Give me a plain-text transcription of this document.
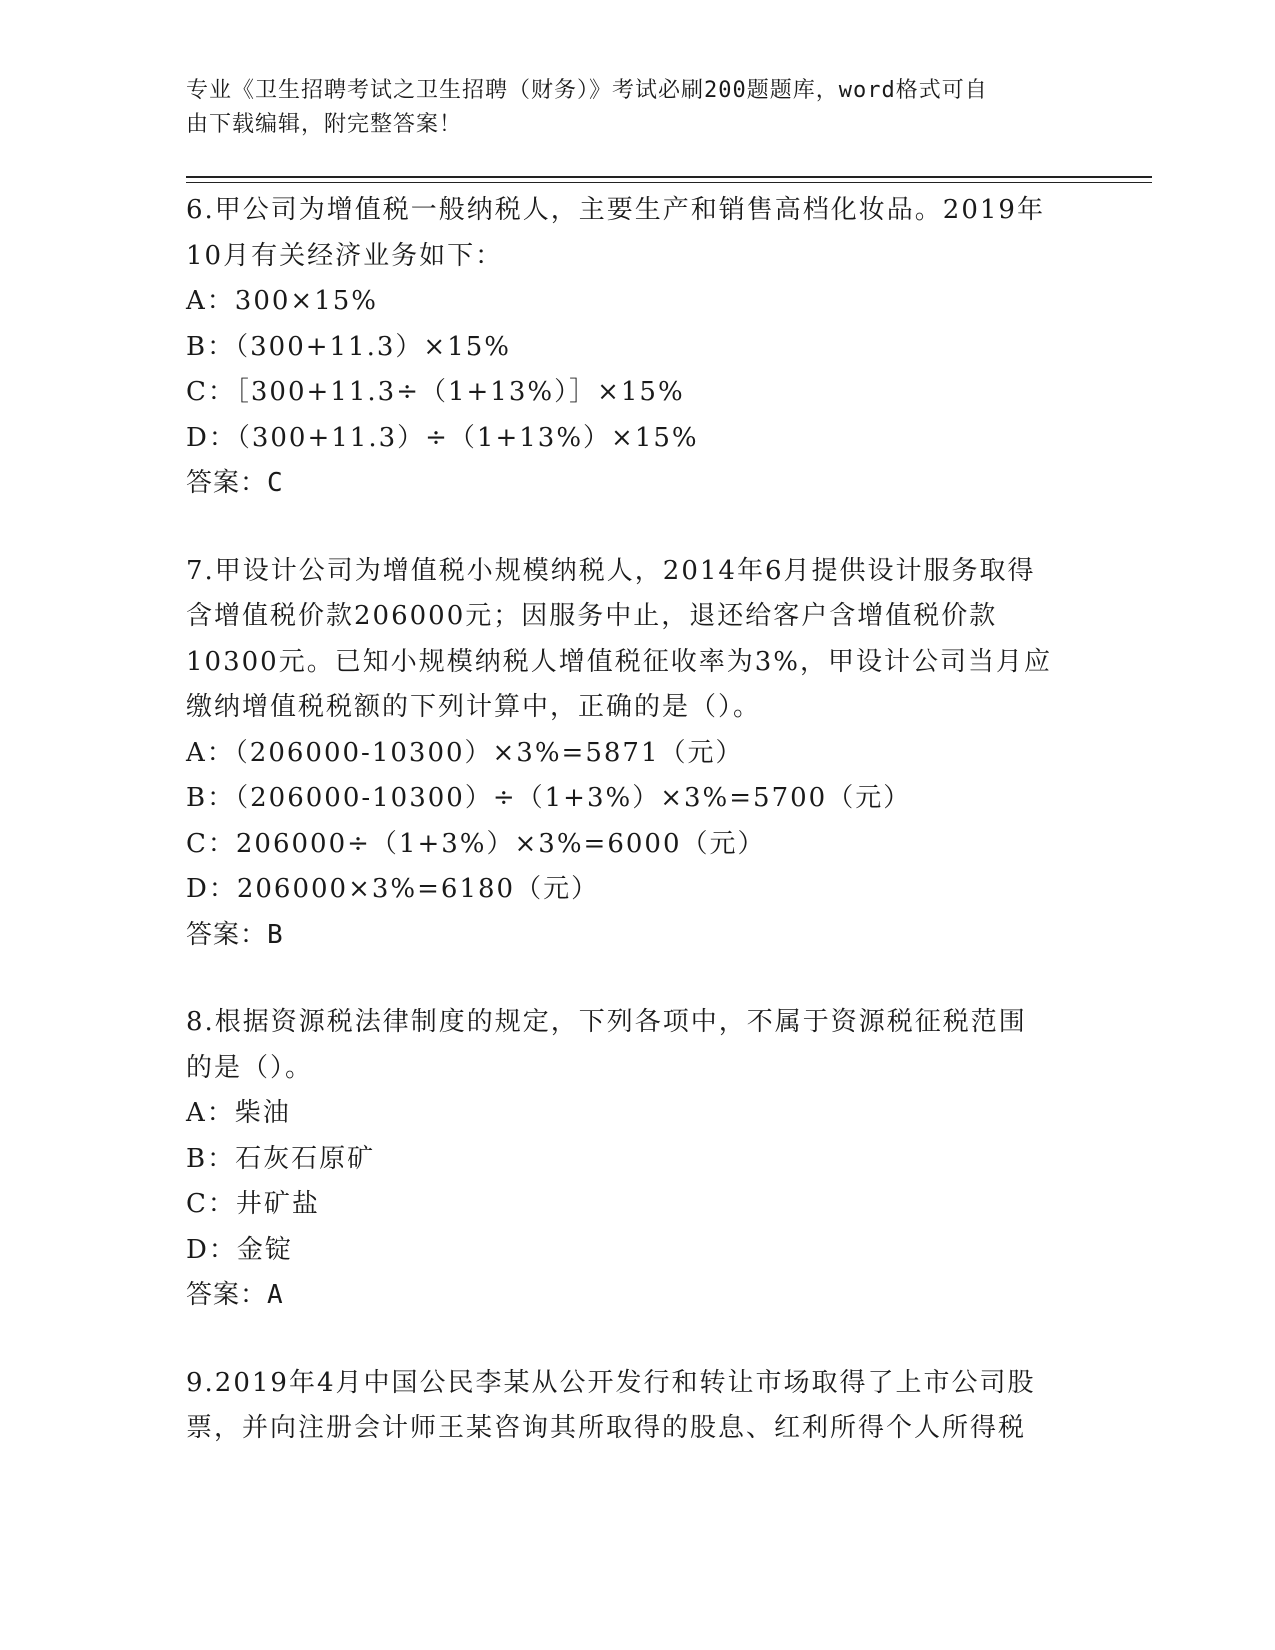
专业《卫生招聘考试之卫生招聘（财务）》考试必刷200题题库，word格式可自
由下载编辑，附完整答案！
6.甲公司为增值税一般纳税人，主要生产和销售高档化妆品。2019年
10月有关经济业务如下：
A：300×15%
B：（300+11.3）×15%
C：［300+11.3÷（1+13%）］×15%
D：（300+11.3）÷（1+13%）×15%
答案：C
7.甲设计公司为增值税小规模纳税人，2014年6月提供设计服务取得
含增值税价款206000元；因服务中止，退还给客户含增值税价款
10300元。已知小规模纳税人增值税征收率为3%，甲设计公司当月应
缴纳增值税税额的下列计算中，正确的是（）。
A：（206000-10300）×3%=5871（元）
B：（206000-10300）÷（1+3%）×3%=5700（元）
C：206000÷（1+3%）×3%=6000（元）
D：206000×3%=6180（元）
答案：B
8.根据资源税法律制度的规定，下列各项中，不属于资源税征税范围
的是（）。
A：柴油
B：石灰石原矿
C：井矿盐
D：金锭
答案：A
9.2019年4月中国公民李某从公开发行和转让市场取得了上市公司股
票，并向注册会计师王某咨询其所取得的股息、红利所得个人所得税
